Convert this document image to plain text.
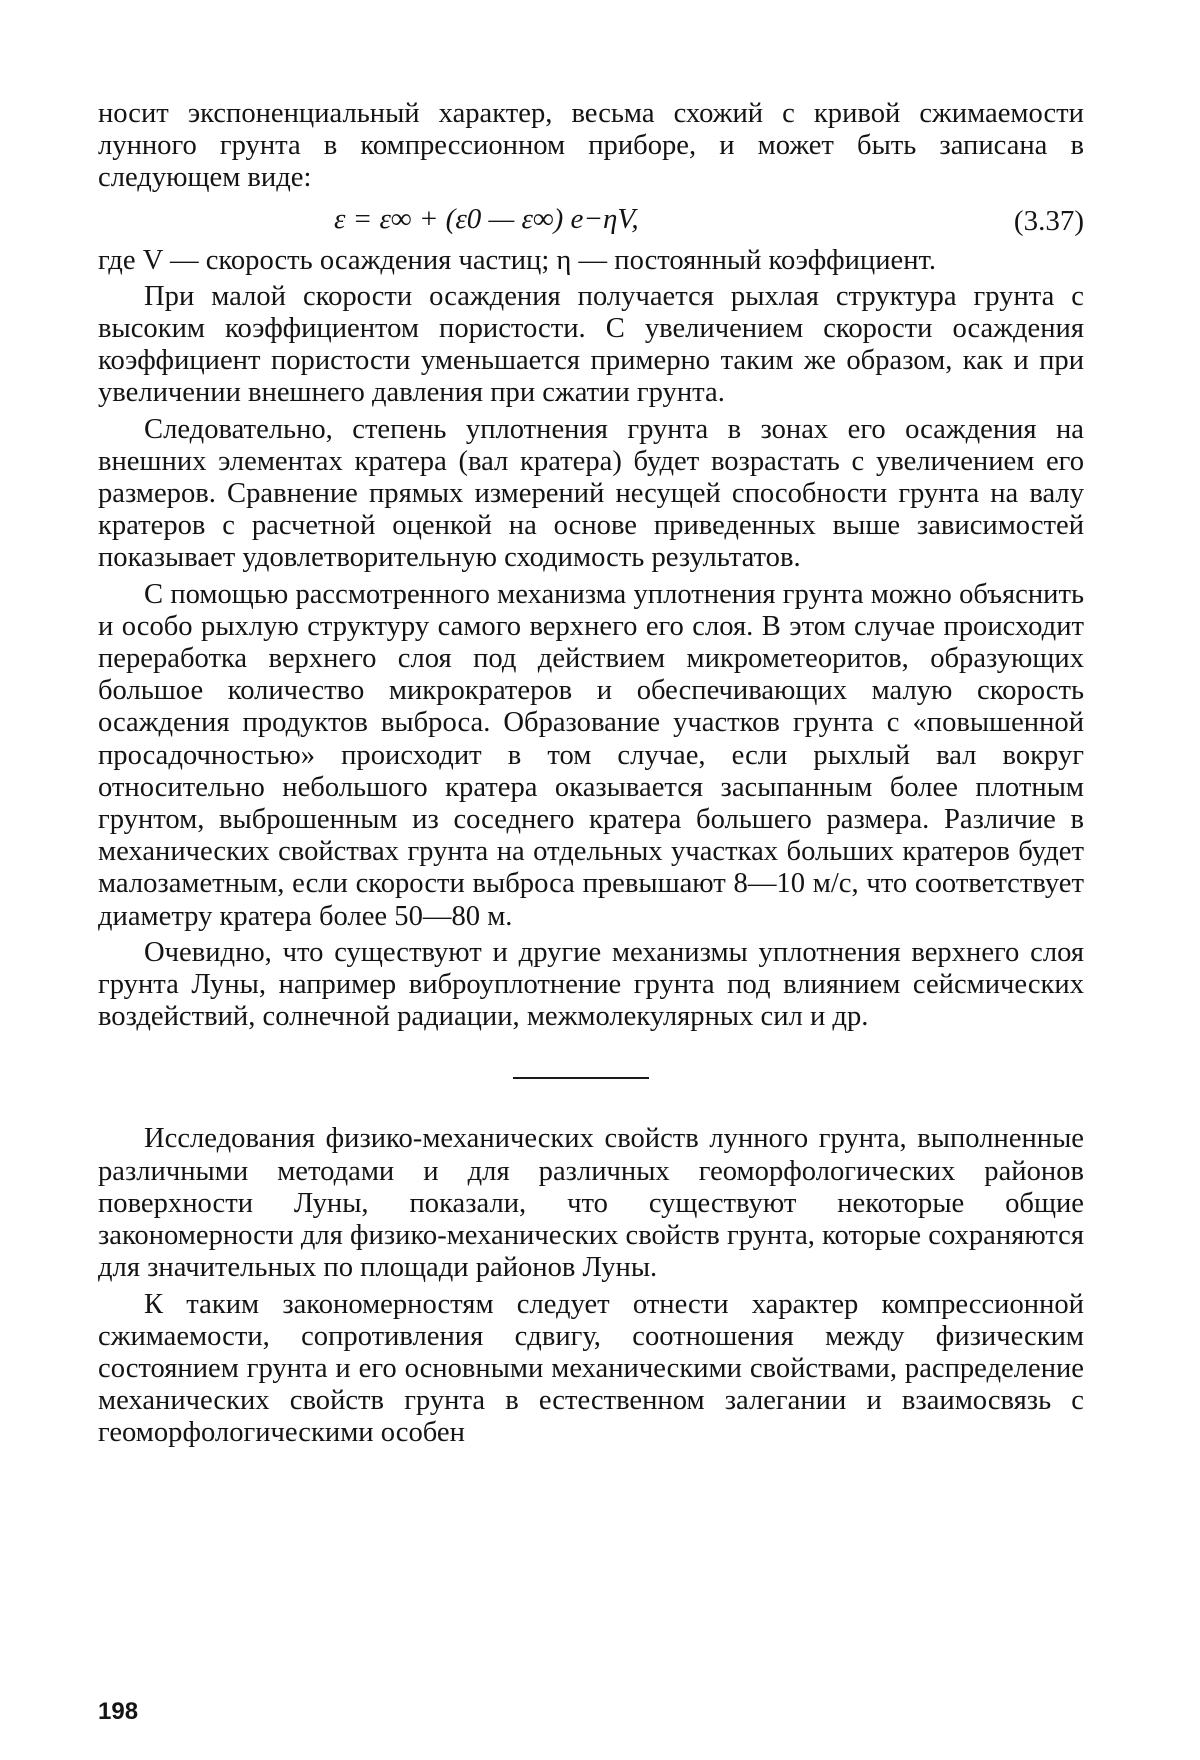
носит экспоненциальный характер, весьма схожий с кривой сжимаемости лунного грунта в компрессионном приборе, и может быть записана в следующем виде:

ε = ε∞ + (ε0 — ε∞) e−ηV,	(3.37)

где V — скорость осаждения частиц; η — постоянный коэффициент.

При малой скорости осаждения получается рыхлая структура грунта с высоким коэффициентом пористости. С увеличением скорости осаждения коэффициент пористости уменьшается примерно таким же образом, как и при увеличении внешнего давления при сжатии грунта.

Следовательно, степень уплотнения грунта в зонах его осаждения на внешних элементах кратера (вал кратера) будет возрастать с увеличением его размеров. Сравнение прямых измерений несущей способности грунта на валу кратеров с расчетной оценкой на основе приведенных выше зависимостей показывает удовлетворительную сходимость результатов.

С помощью рассмотренного механизма уплотнения грунта можно объяснить и особо рыхлую структуру самого верхнего его слоя. В этом случае происходит переработка верхнего слоя под действием микрометеоритов, образующих большое количество микрократеров и обеспечивающих малую скорость осаждения продуктов выброса. Образование участков грунта с «повышенной просадочностью» происходит в том случае, если рыхлый вал вокруг относительно небольшого кратера оказывается засыпанным более плотным грунтом, выброшенным из соседнего кратера большего размера. Различие в механических свойствах грунта на отдельных участках больших кратеров будет малозаметным, если скорости выброса превышают 8—10 м/с, что соответствует диаметру кратера более 50—80 м.

Очевидно, что существуют и другие механизмы уплотнения верхнего слоя грунта Луны, например виброуплотнение грунта под влиянием сейсмических воздействий, солнечной радиации, межмолекулярных сил и др.

Исследования физико-механических свойств лунного грунта, выполненные различными методами и для различных геоморфологических районов поверхности Луны, показали, что существуют некоторые общие закономерности для физико-механических свойств грунта, которые сохраняются для значительных по площади районов Луны.

К таким закономерностям следует отнести характер компрессионной сжимаемости, сопротивления сдвигу, соотношения между физическим состоянием грунта и его основными механическими свойствами, распределение механических свойств грунта в естественном залегании и взаимосвязь с геоморфологическими особен

198
